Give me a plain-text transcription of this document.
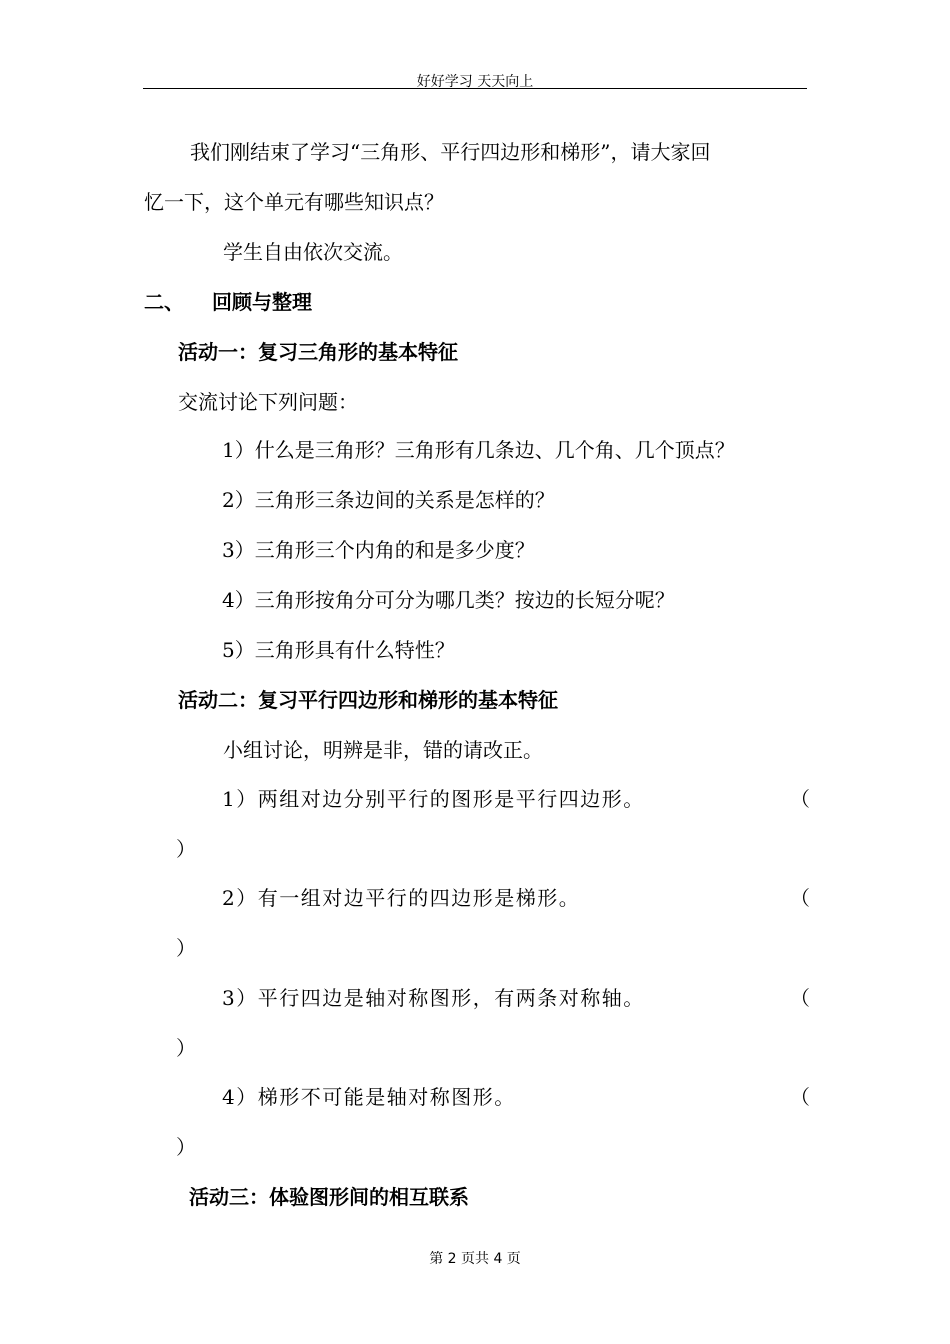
好好学习 天天向上
我们刚结束了学习“三角形、平行四边形和梯形”，请大家回
忆一下，这个单元有哪些知识点？
学生自由依次交流。
二、 回顾与整理
活动一：复习三角形的基本特征
交流讨论下列问题：
1）什么是三角形？三角形有几条边、几个角、几个顶点？
2）三角形三条边间的关系是怎样的？
3）三角形三个内角的和是多少度？
4）三角形按角分可分为哪几类？按边的长短分呢？
5）三角形具有什么特性？
活动二：复习平行四边形和梯形的基本特征
小组讨论，明辨是非，错的请改正。
1）两组对边分别平行的图形是平行四边形。	（
）
2）有一组对边平行的四边形是梯形。	（
）
3）平行四边是轴对称图形，有两条对称轴。	（
）
4）梯形不可能是轴对称图形。	（
）
活动三：体验图形间的相互联系
第 2 页共 4 页
